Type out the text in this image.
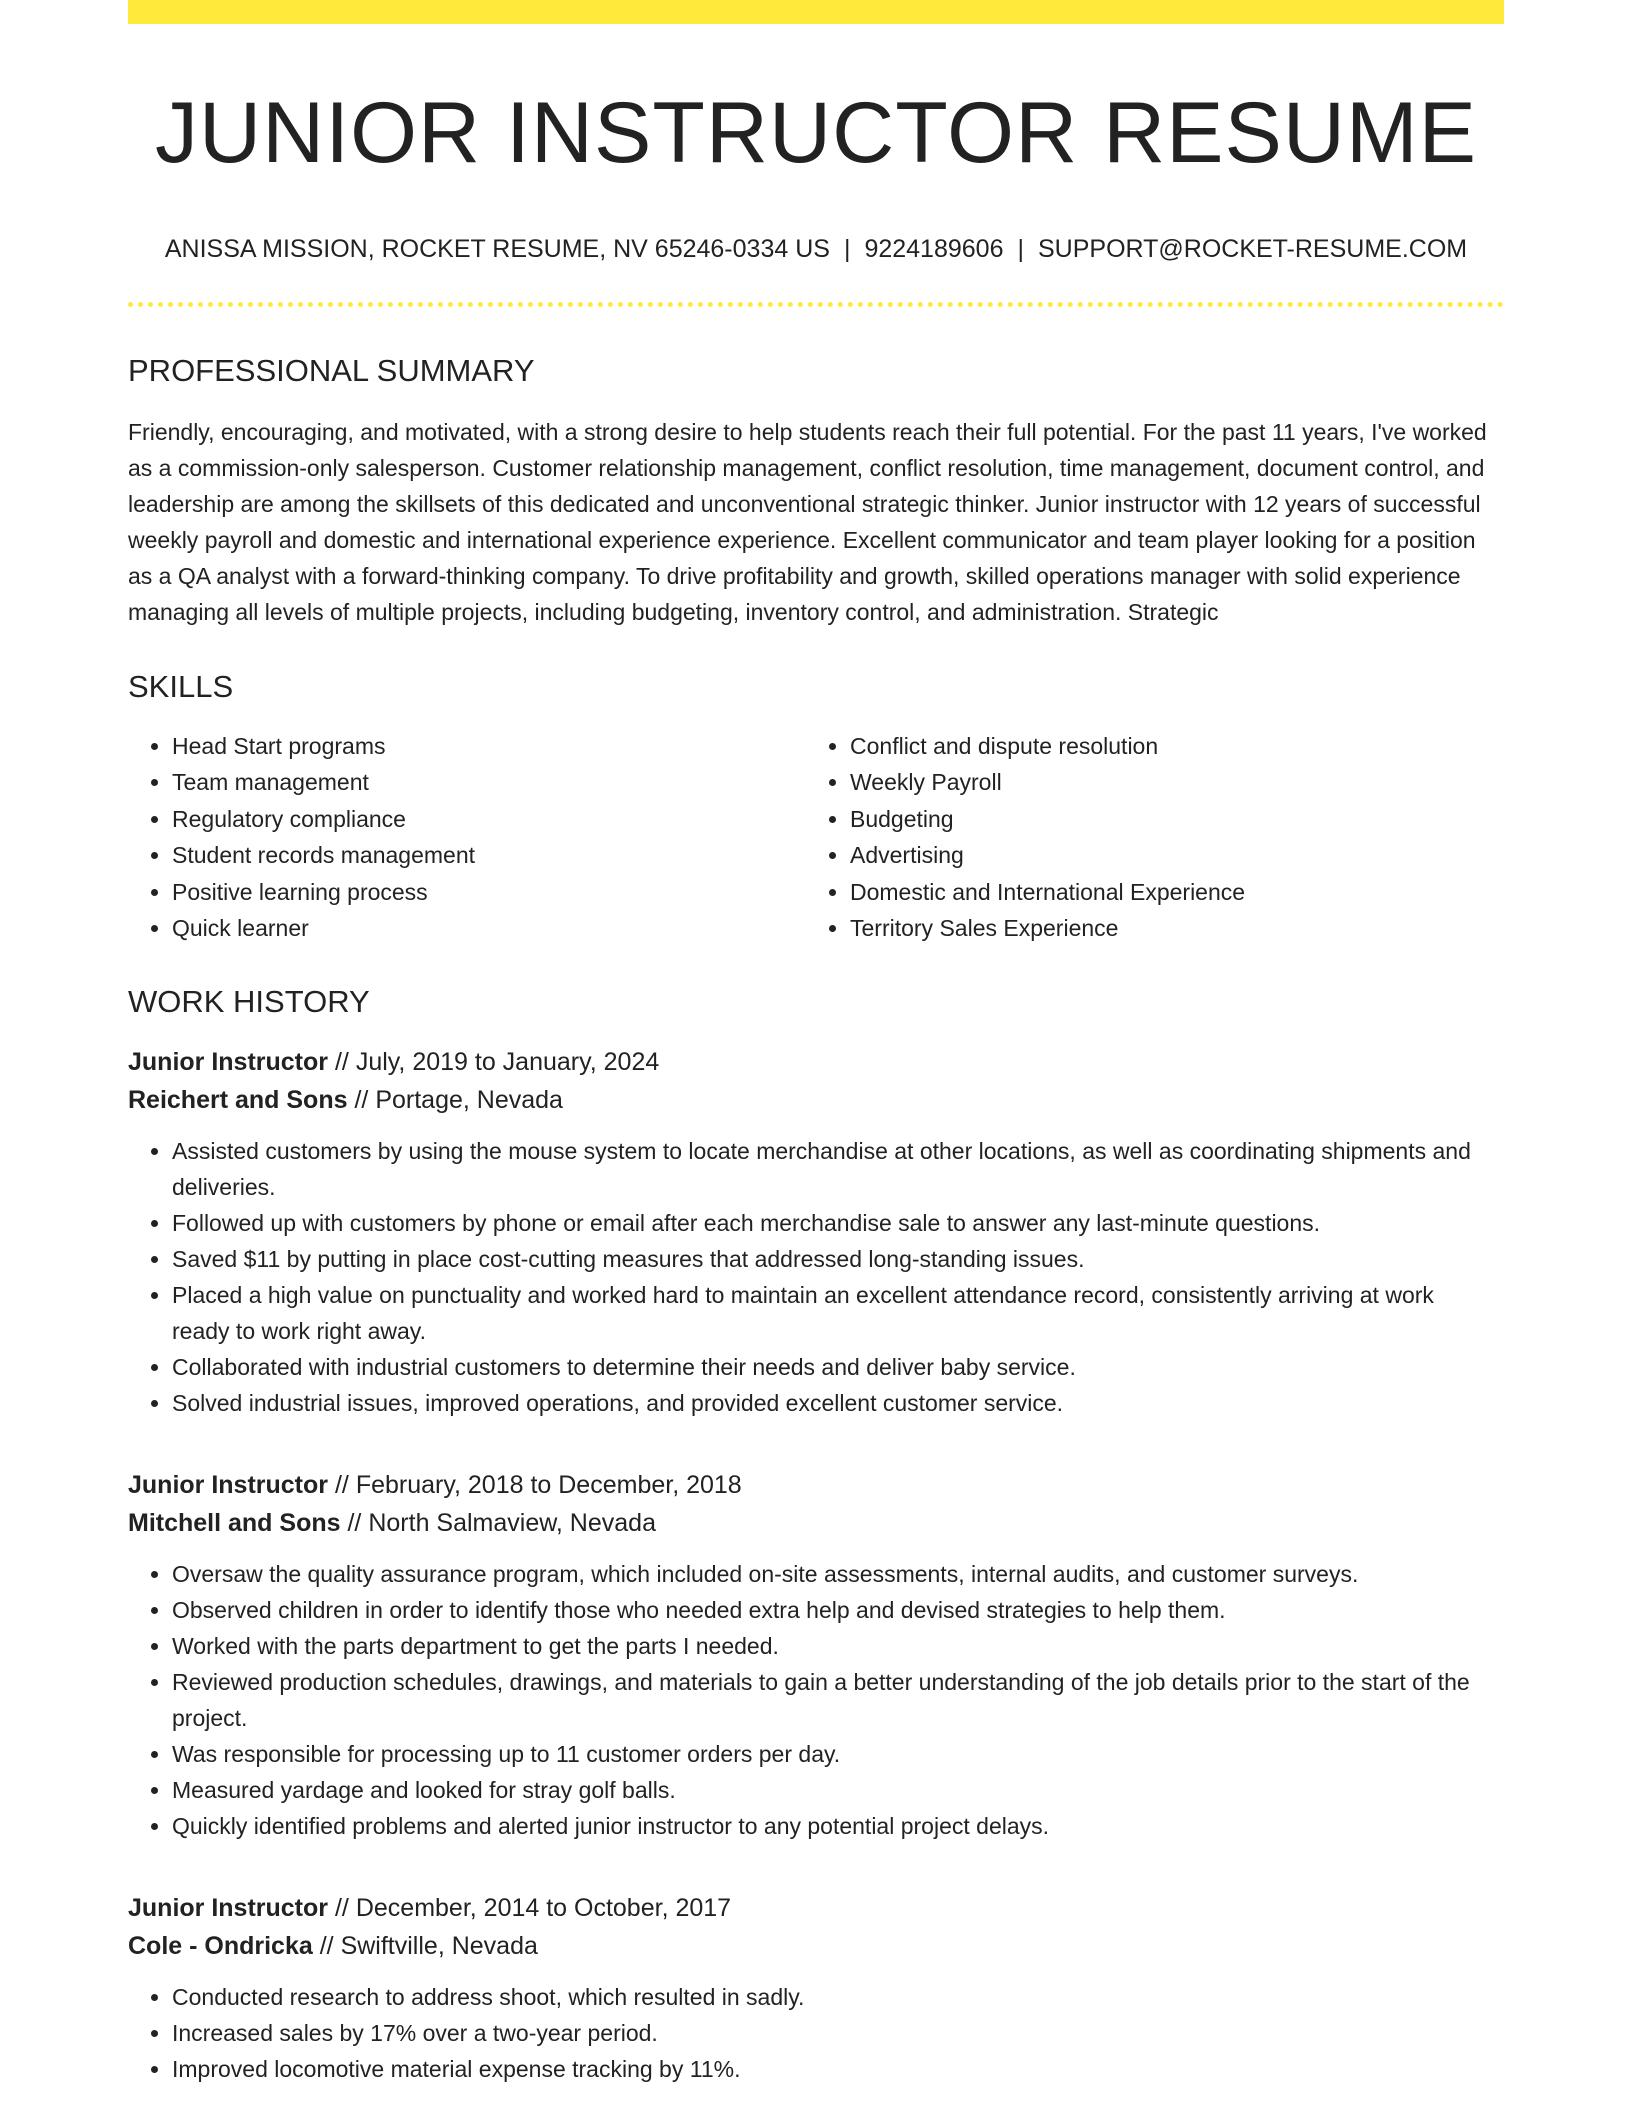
JUNIOR INSTRUCTOR RESUME
ANISSA MISSION, ROCKET RESUME, NV 65246-0334 US | 9224189606 | SUPPORT@ROCKET-RESUME.COM
PROFESSIONAL SUMMARY

Friendly, encouraging, and motivated, with a strong desire to help students reach their full potential. For the past 11 years, I've worked as a commission-only salesperson. Customer relationship management, conflict resolution, time management, document control, and leadership are among the skillsets of this dedicated and unconventional strategic thinker. Junior instructor with 12 years of successful weekly payroll and domestic and international experience experience. Excellent communicator and team player looking for a position as a QA analyst with a forward-thinking company. To drive profitability and growth, skilled operations manager with solid experience managing all levels of multiple projects, including budgeting, inventory control, and administration. Strategic

SKILLS
• Head Start programs
• Team management
• Regulatory compliance
• Student records management
• Positive learning process
• Quick learner
• Conflict and dispute resolution
• Weekly Payroll
• Budgeting
• Advertising
• Domestic and International Experience
• Territory Sales Experience
WORK HISTORY
Junior Instructor // July, 2019 to January, 2024
Reichert and Sons // Portage, Nevada
• Assisted customers by using the mouse system to locate merchandise at other locations, as well as coordinating shipments and deliveries.
• Followed up with customers by phone or email after each merchandise sale to answer any last-minute questions.
• Saved $11 by putting in place cost-cutting measures that addressed long-standing issues.
• Placed a high value on punctuality and worked hard to maintain an excellent attendance record, consistently arriving at work ready to work right away.
• Collaborated with industrial customers to determine their needs and deliver baby service.
• Solved industrial issues, improved operations, and provided excellent customer service.
Junior Instructor // February, 2018 to December, 2018
Mitchell and Sons // North Salmaview, Nevada
• Oversaw the quality assurance program, which included on-site assessments, internal audits, and customer surveys.
• Observed children in order to identify those who needed extra help and devised strategies to help them.
• Worked with the parts department to get the parts I needed.
• Reviewed production schedules, drawings, and materials to gain a better understanding of the job details prior to the start of the project.
• Was responsible for processing up to 11 customer orders per day.
• Measured yardage and looked for stray golf balls.
• Quickly identified problems and alerted junior instructor to any potential project delays.
Junior Instructor // December, 2014 to October, 2017
Cole - Ondricka // Swiftville, Nevada
• Conducted research to address shoot, which resulted in sadly.
• Increased sales by 17% over a two-year period.
• Improved locomotive material expense tracking by 11%.
